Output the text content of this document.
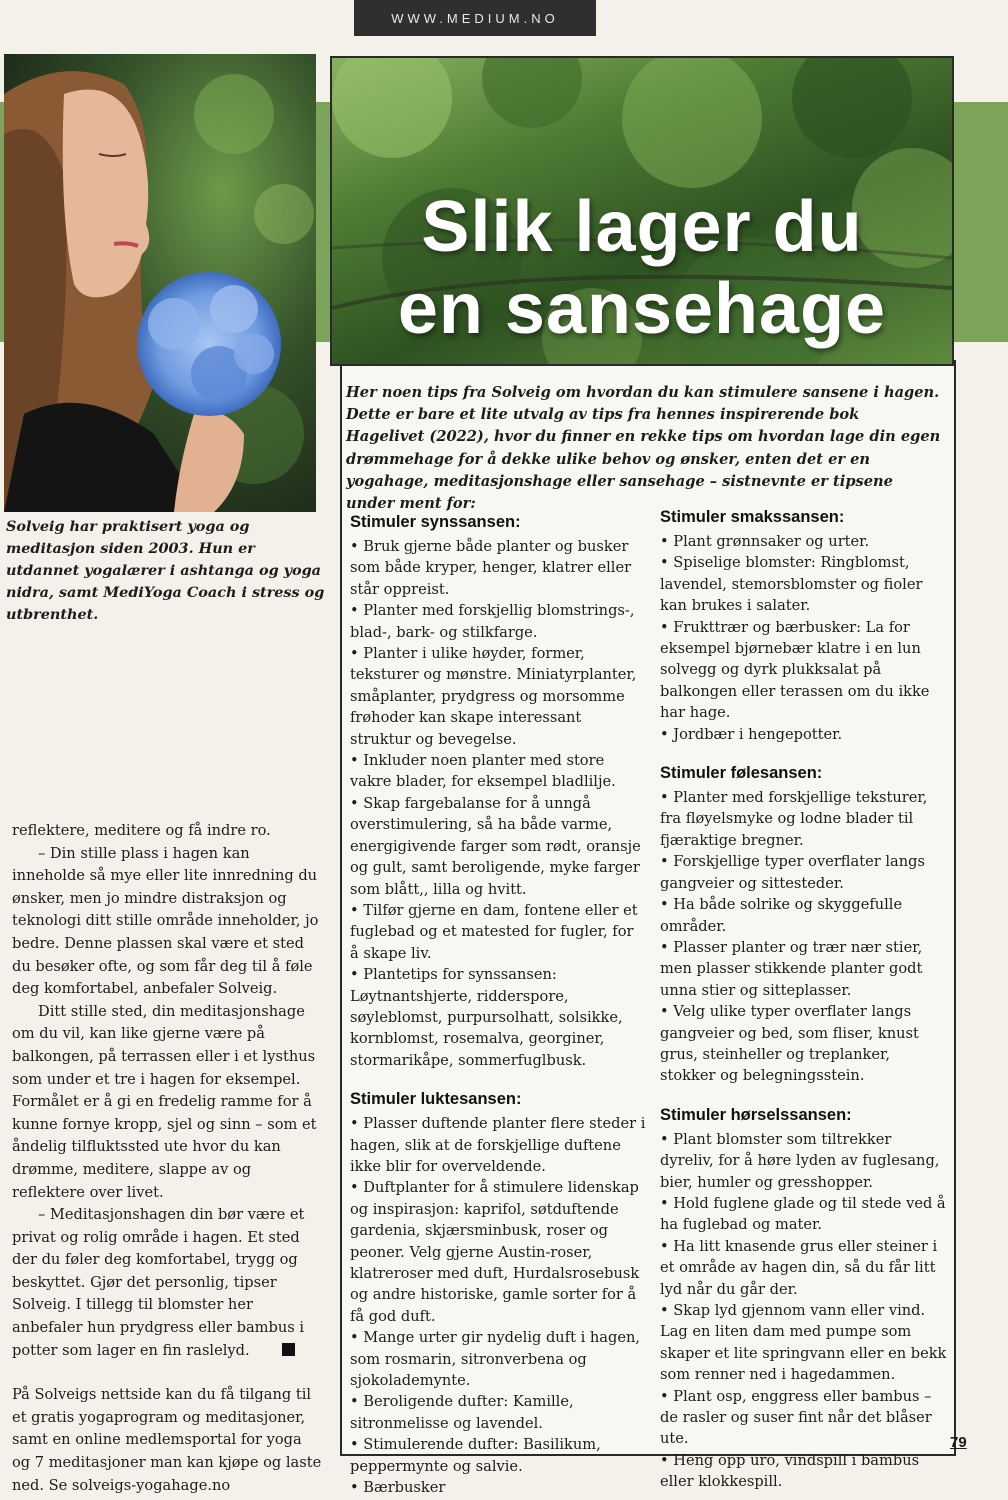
WWW.MEDIUM.NO
Slik lager du
en sansehage
Solveig har praktisert yoga og meditasjon siden 2003. Hun er utdannet yogalærer i ashtanga og yoga nidra, samt MediYoga Coach i stress og utbrenthet.

reflektere, meditere og få indre ro.

– Din stille plass i hagen kan inneholde så mye eller lite innredning du ønsker, men jo mindre distraksjon og teknologi ditt stille område inneholder, jo bedre. Denne plassen skal være et sted du besøker ofte, og som får deg til å føle deg komfortabel, anbefaler Solveig.

Ditt stille sted, din meditasjonshage om du vil, kan like gjerne være på balkongen, på terrassen eller i et lysthus som under et tre i hagen for eksempel. Formålet er å gi en fredelig ramme for å kunne fornye kropp, sjel og sinn – som et åndelig tilfluktssted ute hvor du kan drømme, meditere, slappe av og reflektere over livet.

– Meditasjonshagen din bør være et privat og rolig område i hagen. Et sted der du føler deg komfortabel, trygg og beskyttet. Gjør det personlig, tipser Solveig. I tillegg til blomster her anbefaler hun prydgress eller bambus i potter som lager en fin raslelyd.

På Solveigs nettside kan du få tilgang til et gratis yogaprogram og meditasjoner, samt en online medlemsportal for yoga og 7 meditasjoner man kan kjøpe og laste ned. Se solveigs-yogahage.no

Her noen tips fra Solveig om hvordan du kan stimulere sansene i hagen. Dette er bare et lite utvalg av tips fra hennes inspirerende bok Hagelivet (2022), hvor du finner en rekke tips om hvordan lage din egen drømmehage for å dekke ulike behov og ønsker, enten det er en yogahage, meditasjonshage eller sansehage – sistnevnte er tipsene under ment for:
Stimuler synssansen:

• Bruk gjerne både planter og busker som både kryper, henger, klatrer eller står oppreist.

• Planter med forskjellig blomstrings-, blad-, bark- og stilkfarge.

• Planter i ulike høyder, former, teksturer og mønstre. Miniatyrplanter, småplanter, prydgress og morsomme frøhoder kan skape interessant struktur og bevegelse.

• Inkluder noen planter med store vakre blader, for eksempel bladlilje.

• Skap fargebalanse for å unngå overstimulering, så ha både varme, energigivende farger som rødt, oransje og gult, samt beroligende, myke farger som blått,, lilla og hvitt.

• Tilfør gjerne en dam, fontene eller et fuglebad og et matested for fugler, for å skape liv.

• Plantetips for synssansen: Løytnantshjerte, ridderspore, søyleblomst, purpursolhatt, solsikke, kornblomst, rosemalva, georginer, stormarikåpe, sommerfuglbusk.

Stimuler luktesansen:

• Plasser duftende planter flere steder i hagen, slik at de forskjellige duftene ikke blir for overveldende.

• Duftplanter for å stimulere lidenskap og inspirasjon: kaprifol, søtduftende gardenia, skjærsminbusk, roser og peoner. Velg gjerne Austin-roser, klatreroser med duft, Hurdalsrosebusk og andre historiske, gamle sorter for å få god duft.

• Mange urter gir nydelig duft i hagen, som rosmarin, sitronverbena og sjokolademynte.

• Beroligende dufter: Kamille, sitronmelisse og lavendel.

• Stimulerende dufter: Basilikum, peppermynte og salvie.

• Bærbusker

Stimuler smakssansen:

• Plant grønnsaker og urter.

• Spiselige blomster: Ringblomst, lavendel, stemorsblomster og fioler kan brukes i salater.

• Frukttrær og bærbusker: La for eksempel bjørnebær klatre i en lun solvegg og dyrk plukksalat på balkongen eller terassen om du ikke har hage.

• Jordbær i hengepotter.

Stimuler følesansen:

• Planter med forskjellige teksturer, fra fløyelsmyke og lodne blader til fjæraktige bregner.

• Forskjellige typer overflater langs gangveier og sittesteder.

• Ha både solrike og skyggefulle områder.

• Plasser planter og trær nær stier, men plasser stikkende planter godt unna stier og sitteplasser.

• Velg ulike typer overflater langs gangveier og bed, som fliser, knust grus, steinheller og treplanker, stokker og belegningsstein.

Stimuler hørselssansen:

• Plant blomster som tiltrekker dyreliv, for å høre lyden av fuglesang, bier, humler og gresshopper.

• Hold fuglene glade og til stede ved å ha fuglebad og mater.

• Ha litt knasende grus eller steiner i et område av hagen din, så du får litt lyd når du går der.

• Skap lyd gjennom vann eller vind. Lag en liten dam med pumpe som skaper et lite springvann eller en bekk som renner ned i hagedammen.

• Plant osp, enggress eller bambus – de rasler og suser fint når det blåser ute.

• Heng opp uro, vindspill i bambus eller klokkespill.

79
